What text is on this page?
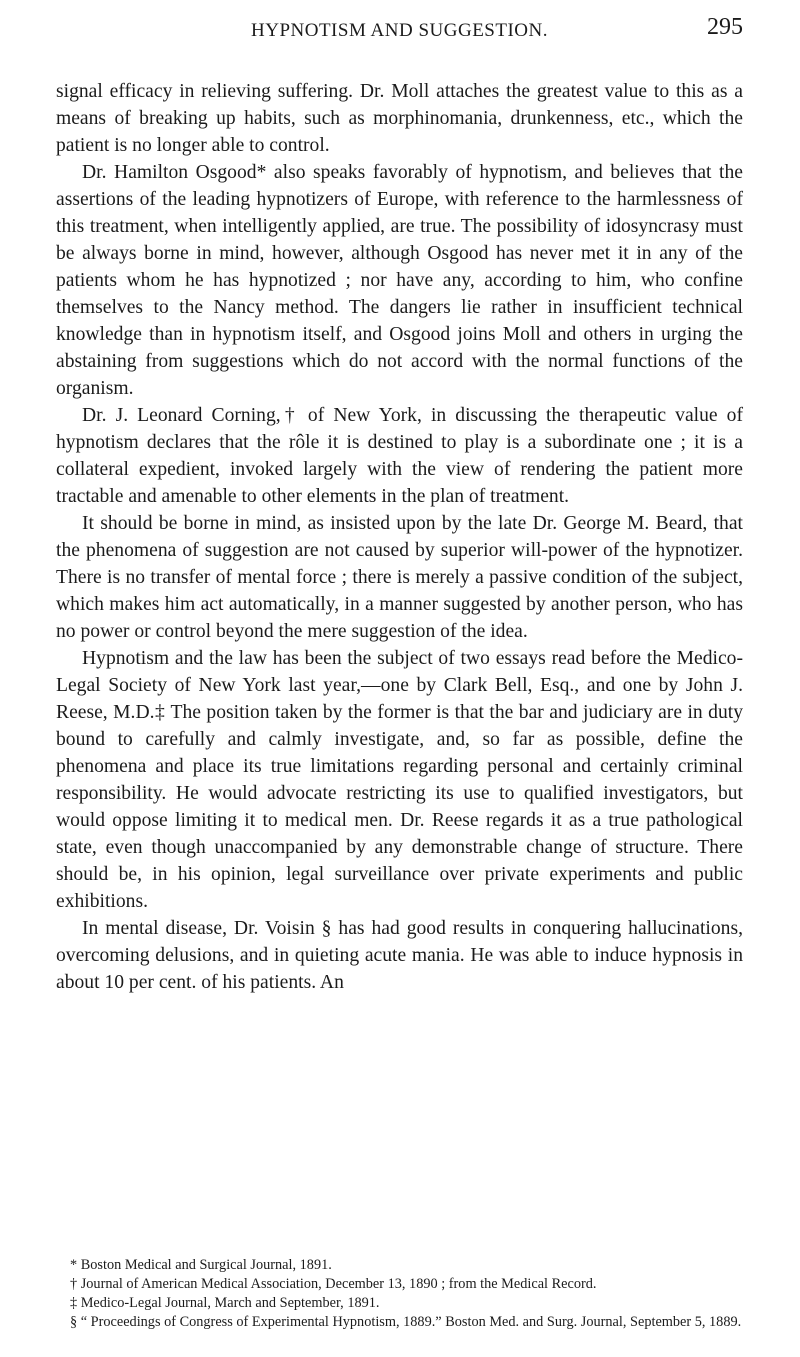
HYPNOTISM AND SUGGESTION.	295

signal efficacy in relieving suffering. Dr. Moll attaches the greatest value to this as a means of breaking up habits, such as morphinomania, drunkenness, etc., which the patient is no longer able to control.

Dr. Hamilton Osgood* also speaks favorably of hypnotism, and believes that the assertions of the leading hypnotizers of Europe, with reference to the harmlessness of this treatment, when intelligently applied, are true. The possibility of idosyncrasy must be always borne in mind, however, although Osgood has never met it in any of the patients whom he has hypnotized ; nor have any, according to him, who confine themselves to the Nancy method. The dangers lie rather in insufficient technical knowledge than in hypnotism itself, and Osgood joins Moll and others in urging the abstaining from suggestions which do not accord with the normal functions of the organism.

Dr. J. Leonard Corning,† of New York, in discussing the therapeutic value of hypnotism declares that the rôle it is destined to play is a subordinate one ; it is a collateral expedient, invoked largely with the view of rendering the patient more tractable and amenable to other elements in the plan of treatment.

It should be borne in mind, as insisted upon by the late Dr. George M. Beard, that the phenomena of suggestion are not caused by superior will-power of the hypnotizer. There is no transfer of mental force ; there is merely a passive condition of the subject, which makes him act automatically, in a manner suggested by another person, who has no power or control beyond the mere suggestion of the idea.

Hypnotism and the law has been the subject of two essays read before the Medico-Legal Society of New York last year,—one by Clark Bell, Esq., and one by John J. Reese, M.D.‡ The position taken by the former is that the bar and judiciary are in duty bound to carefully and calmly investigate, and, so far as possible, define the phenomena and place its true limitations regarding personal and certainly criminal responsibility. He would advocate restricting its use to qualified investigators, but would oppose limiting it to medical men. Dr. Reese regards it as a true pathological state, even though unaccompanied by any demonstrable change of structure. There should be, in his opinion, legal surveillance over private experiments and public exhibitions.

In mental disease, Dr. Voisin § has had good results in conquering hallucinations, overcoming delusions, and in quieting acute mania. He was able to induce hypnosis in about 10 per cent. of his patients. An

* Boston Medical and Surgical Journal, 1891.

† Journal of American Medical Association, December 13, 1890 ; from the Medical Record.

‡ Medico-Legal Journal, March and September, 1891.

§ “ Proceedings of Congress of Experimental Hypnotism, 1889.” Boston Med. and Surg. Journal, September 5, 1889.
